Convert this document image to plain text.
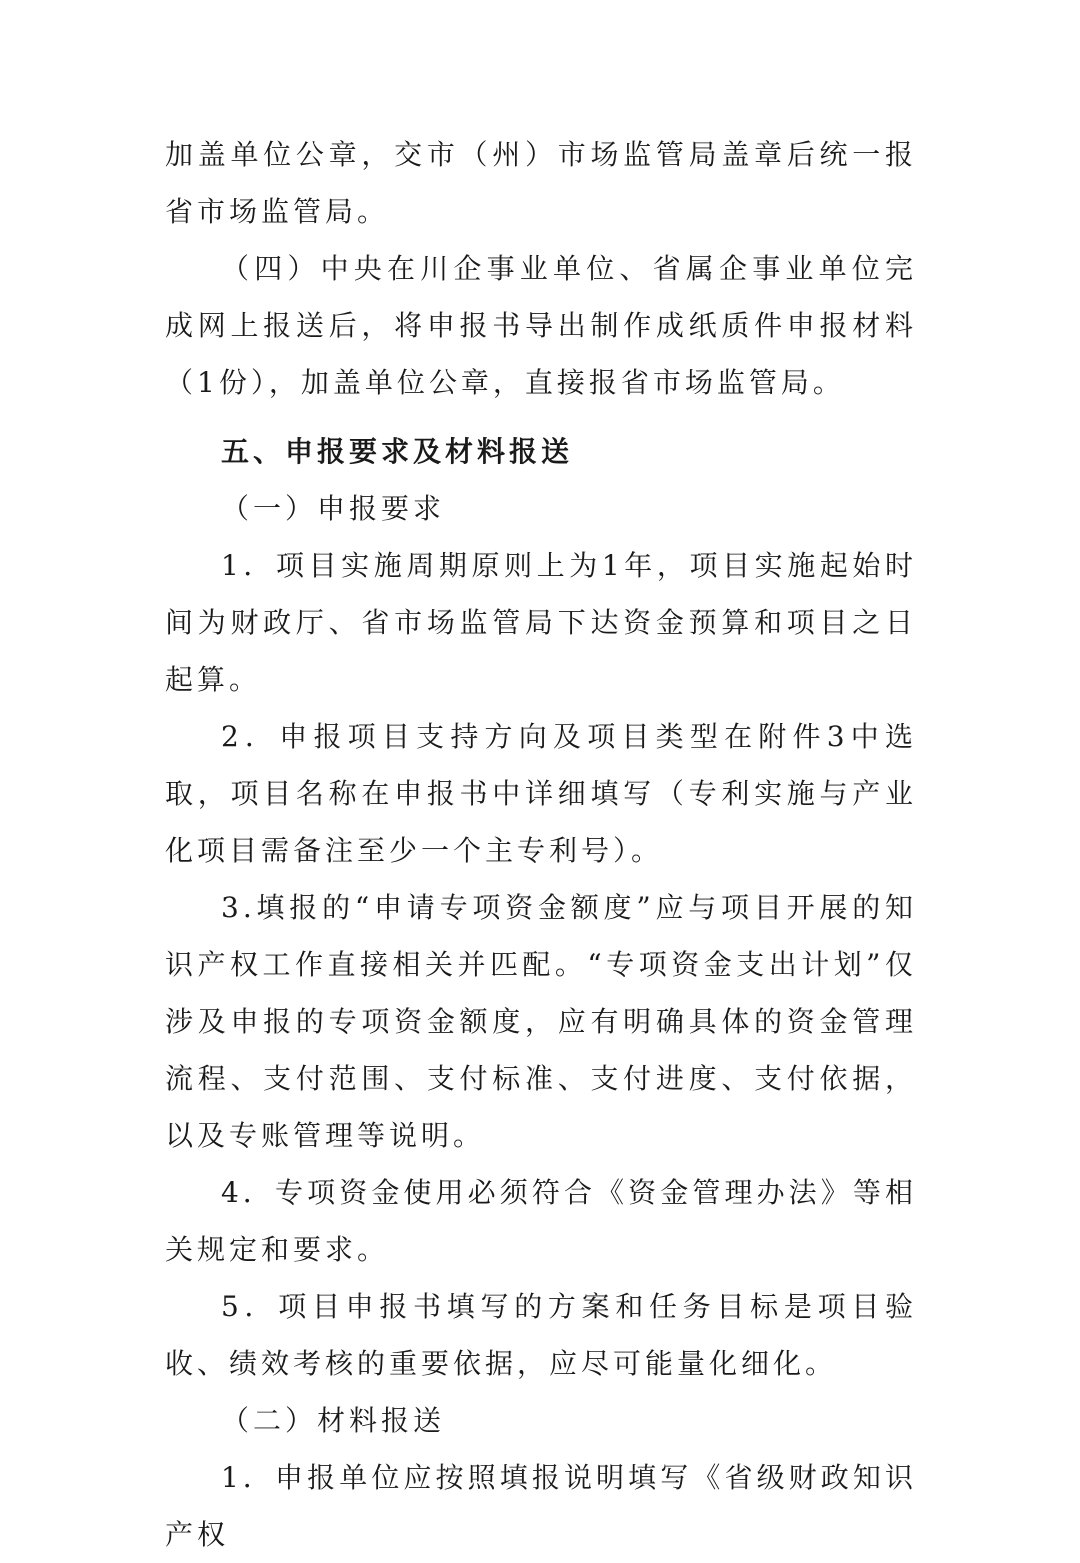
加盖单位公章，交市（州）市场监管局盖章后统一报省市场监管局。

（四）中央在川企事业单位、省属企事业单位完成网上报送后，将申报书导出制作成纸质件申报材料（1份），加盖单位公章，直接报省市场监管局。

五、申报要求及材料报送

（一）申报要求

1．项目实施周期原则上为1年，项目实施起始时间为财政厅、省市场监管局下达资金预算和项目之日起算。

2．申报项目支持方向及项目类型在附件3中选取，项目名称在申报书中详细填写（专利实施与产业化项目需备注至少一个主专利号）。

3.填报的“申请专项资金额度”应与项目开展的知识产权工作直接相关并匹配。“专项资金支出计划”仅涉及申报的专项资金额度，应有明确具体的资金管理流程、支付范围、支付标准、支付进度、支付依据，以及专账管理等说明。

4．专项资金使用必须符合《资金管理办法》等相关规定和要求。

5．项目申报书填写的方案和任务目标是项目验收、绩效考核的重要依据，应尽可能量化细化。

（二）材料报送

1．申报单位应按照填报说明填写《省级财政知识产权
